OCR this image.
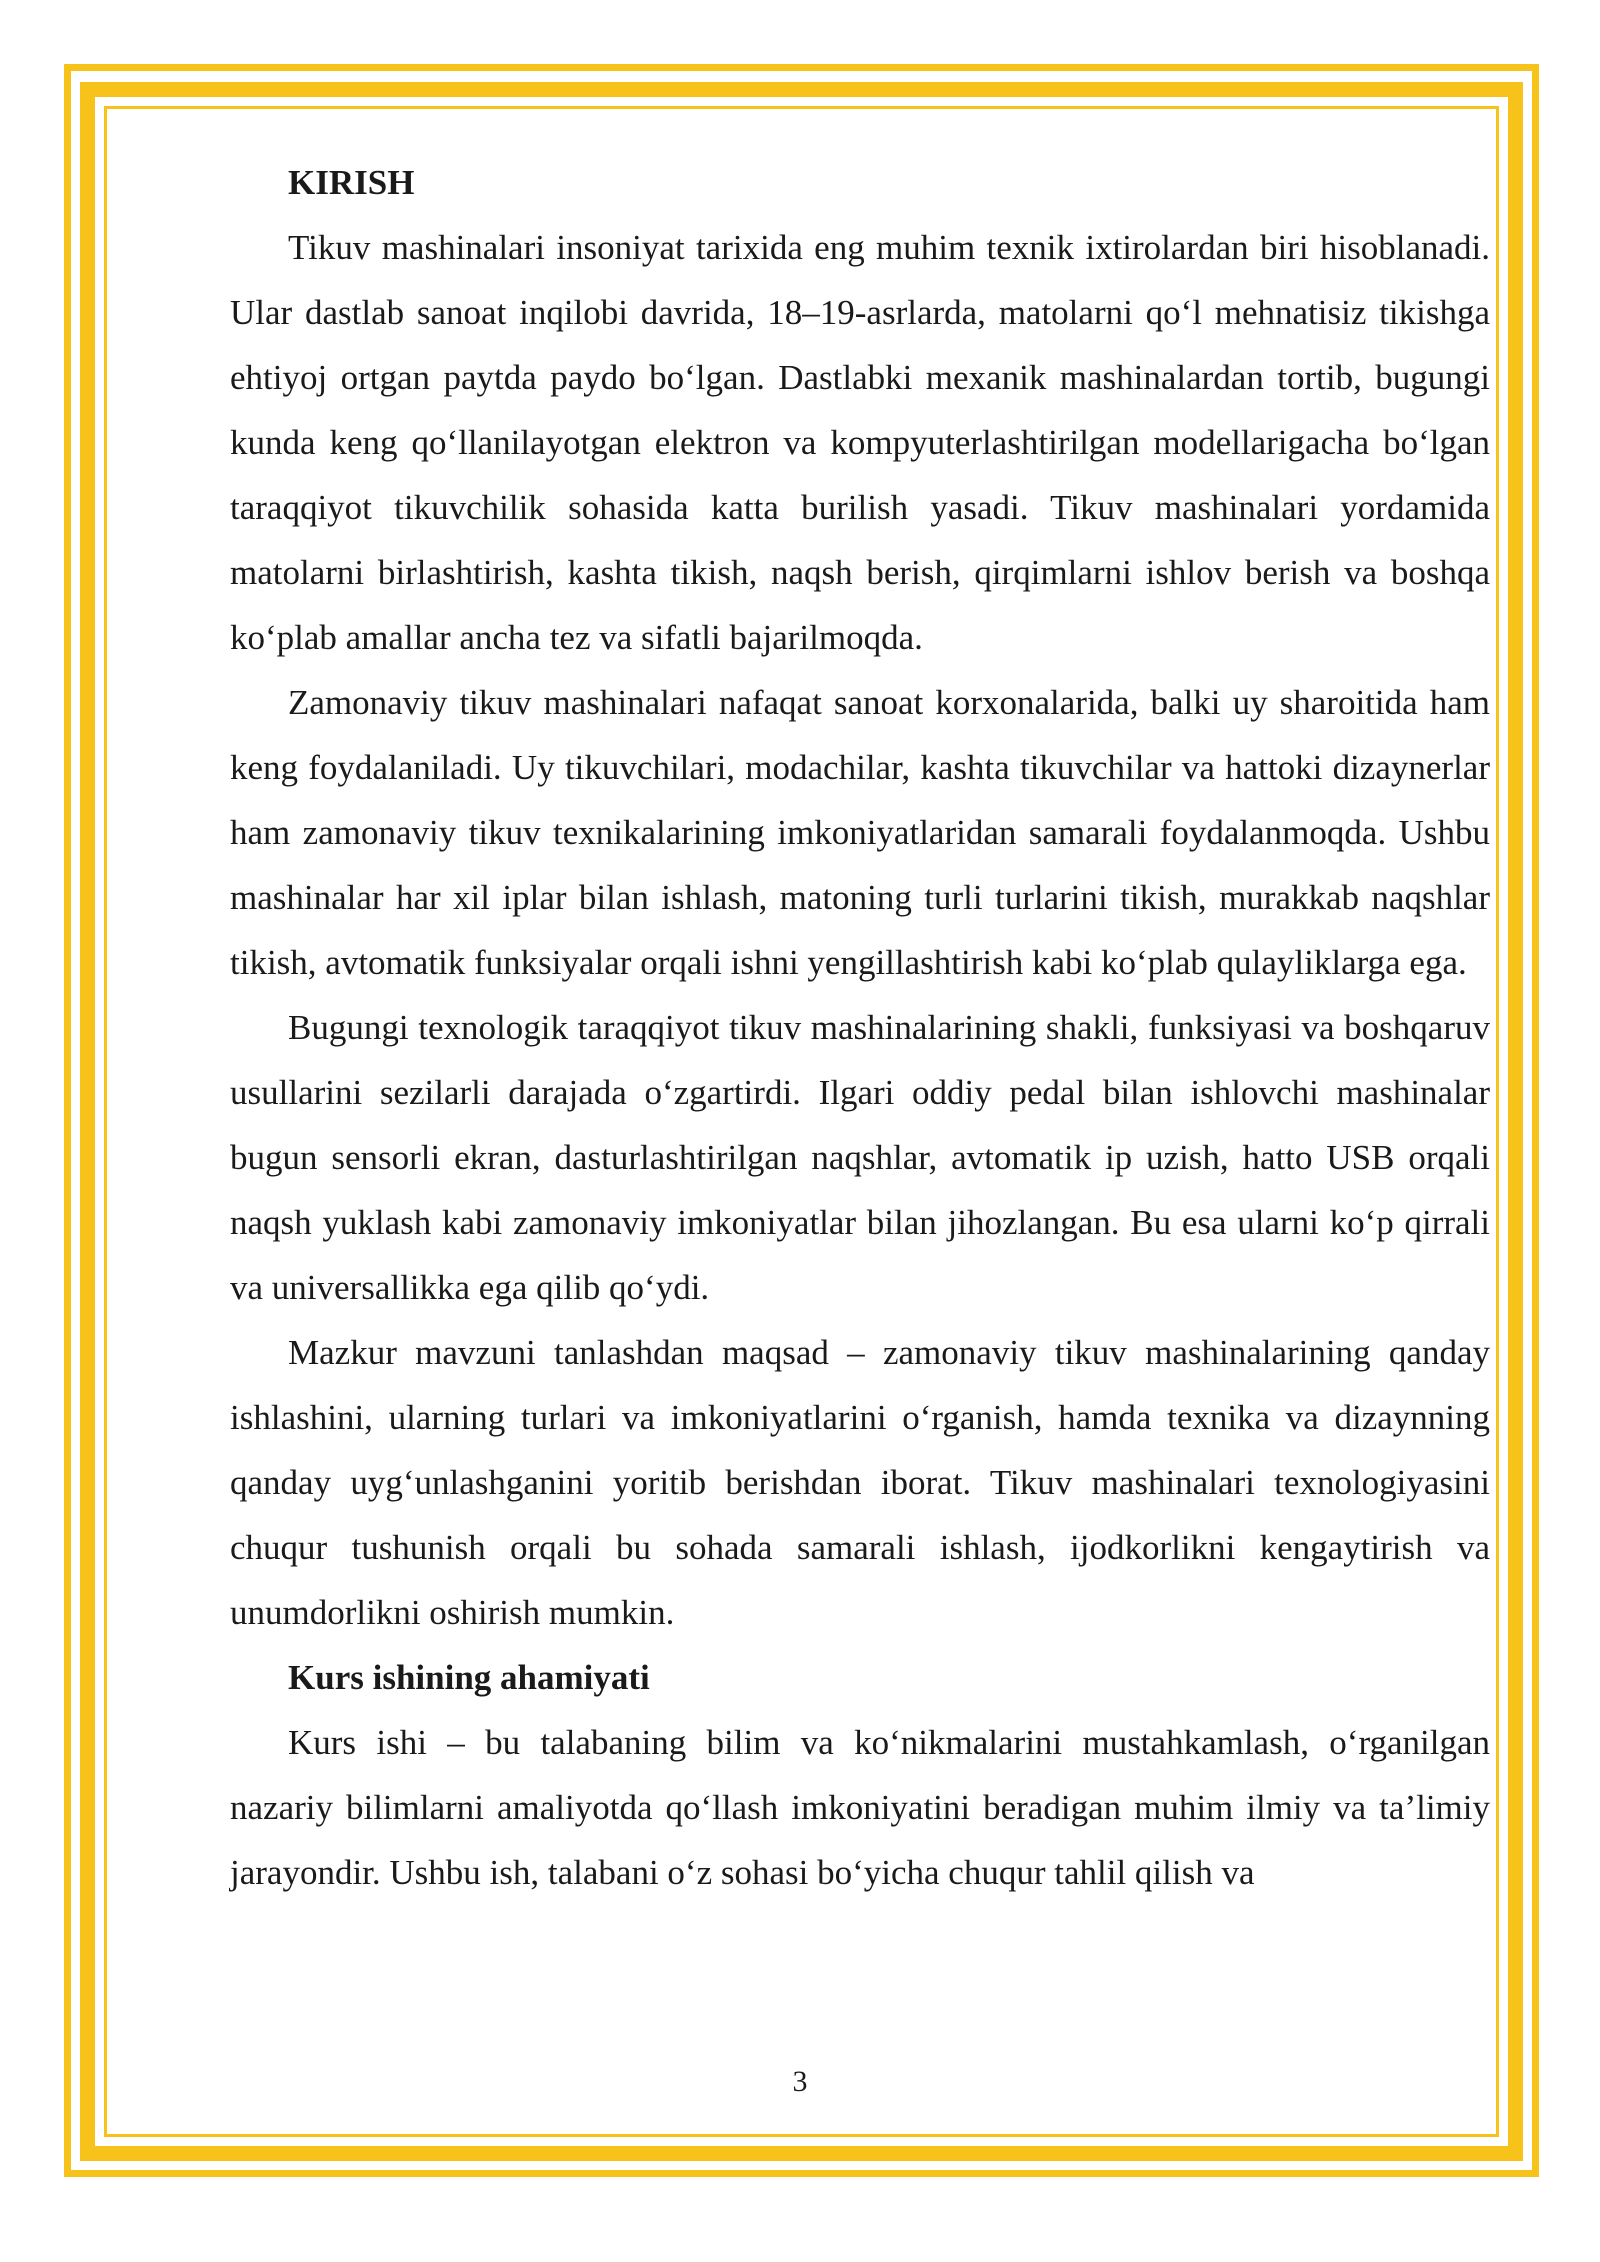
KIRISH

Tikuv mashinalari insoniyat tarixida eng muhim texnik ixtirolardan biri hisoblanadi. Ular dastlab sanoat inqilobi davrida, 18–19-asrlarda, matolarni qo‘l mehnatisiz tikishga ehtiyoj ortgan paytda paydo bo‘lgan. Dastlabki mexanik mashinalardan tortib, bugungi kunda keng qo‘llanilayotgan elektron va kompyuterlashtirilgan modellarigacha bo‘lgan taraqqiyot tikuvchilik sohasida katta burilish yasadi. Tikuv mashinalari yordamida matolarni birlashtirish, kashta tikish, naqsh berish, qirqimlarni ishlov berish va boshqa ko‘plab amallar ancha tez va sifatli bajarilmoqda.

Zamonaviy tikuv mashinalari nafaqat sanoat korxonalarida, balki uy sharoitida ham keng foydalaniladi. Uy tikuvchilari, modachilar, kashta tikuvchilar va hattoki dizaynerlar ham zamonaviy tikuv texnikalarining imkoniyatlaridan samarali foydalanmoqda. Ushbu mashinalar har xil iplar bilan ishlash, matoning turli turlarini tikish, murakkab naqshlar tikish, avtomatik funksiyalar orqali ishni yengillashtirish kabi ko‘plab qulayliklarga ega.

Bugungi texnologik taraqqiyot tikuv mashinalarining shakli, funksiyasi va boshqaruv usullarini sezilarli darajada o‘zgartirdi. Ilgari oddiy pedal bilan ishlovchi mashinalar bugun sensorli ekran, dasturlashtirilgan naqshlar, avtomatik ip uzish, hatto USB orqali naqsh yuklash kabi zamonaviy imkoniyatlar bilan jihozlangan. Bu esa ularni ko‘p qirrali va universallikka ega qilib qo‘ydi.

Mazkur mavzuni tanlashdan maqsad – zamonaviy tikuv mashinalarining qanday ishlashini, ularning turlari va imkoniyatlarini o‘rganish, hamda texnika va dizaynning qanday uyg‘unlashganini yoritib berishdan iborat. Tikuv mashinalari texnologiyasini chuqur tushunish orqali bu sohada samarali ishlash, ijodkorlikni kengaytirish va unumdorlikni oshirish mumkin.

Kurs ishining ahamiyati

Kurs ishi – bu talabaning bilim va ko‘nikmalarini mustahkamlash, o‘rganilgan nazariy bilimlarni amaliyotda qo‘llash imkoniyatini beradigan muhim ilmiy va ta’limiy jarayondir. Ushbu ish, talabani o‘z sohasi bo‘yicha chuqur tahlil qilish va

3
